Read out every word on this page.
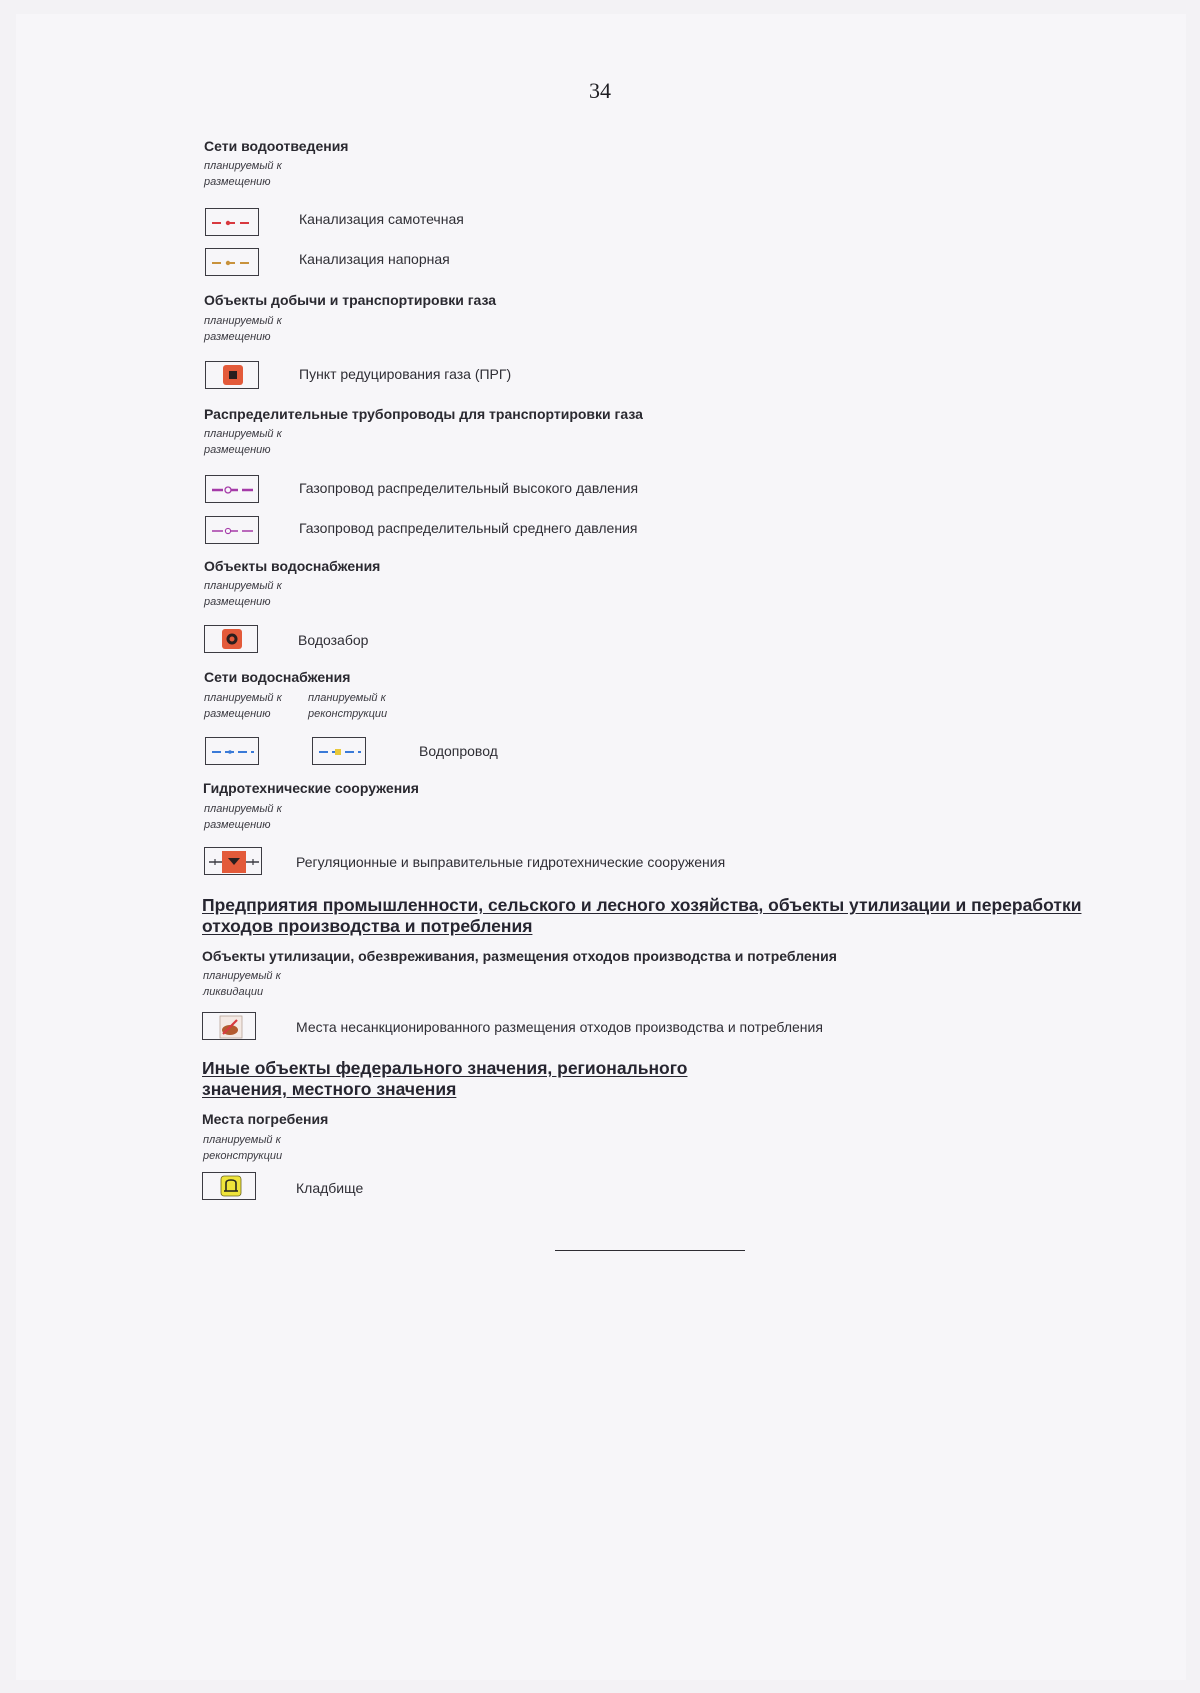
34
Сети водоотведения
планируемый к размещению
Канализация самотечная
Канализация напорная
Объекты добычи и транспортировки газа
планируемый к размещению
Пункт редуцирования газа (ПРГ)
Распределительные трубопроводы для транспортировки газа
планируемый к размещению
Газопровод распределительный высокого давления
Газопровод распределительный среднего давления
Объекты водоснабжения
планируемый к размещению
Водозабор
Сети водоснабжения
планируемый к размещению
планируемый к реконструкции
Водопровод
Гидротехнические сооружения
планируемый к размещению
Регуляционные и выправительные гидротехнические сооружения
Предприятия промышленности, сельского и лесного хозяйства, объекты утилизации и переработки отходов производства и потребления
Объекты утилизации, обезвреживания, размещения отходов производства и потребления
планируемый к ликвидации
Места несанкционированного размещения отходов производства и потребления
Иные объекты федерального значения, регионального значения, местного значения
Места погребения
планируемый к реконструкции
Кладбище
